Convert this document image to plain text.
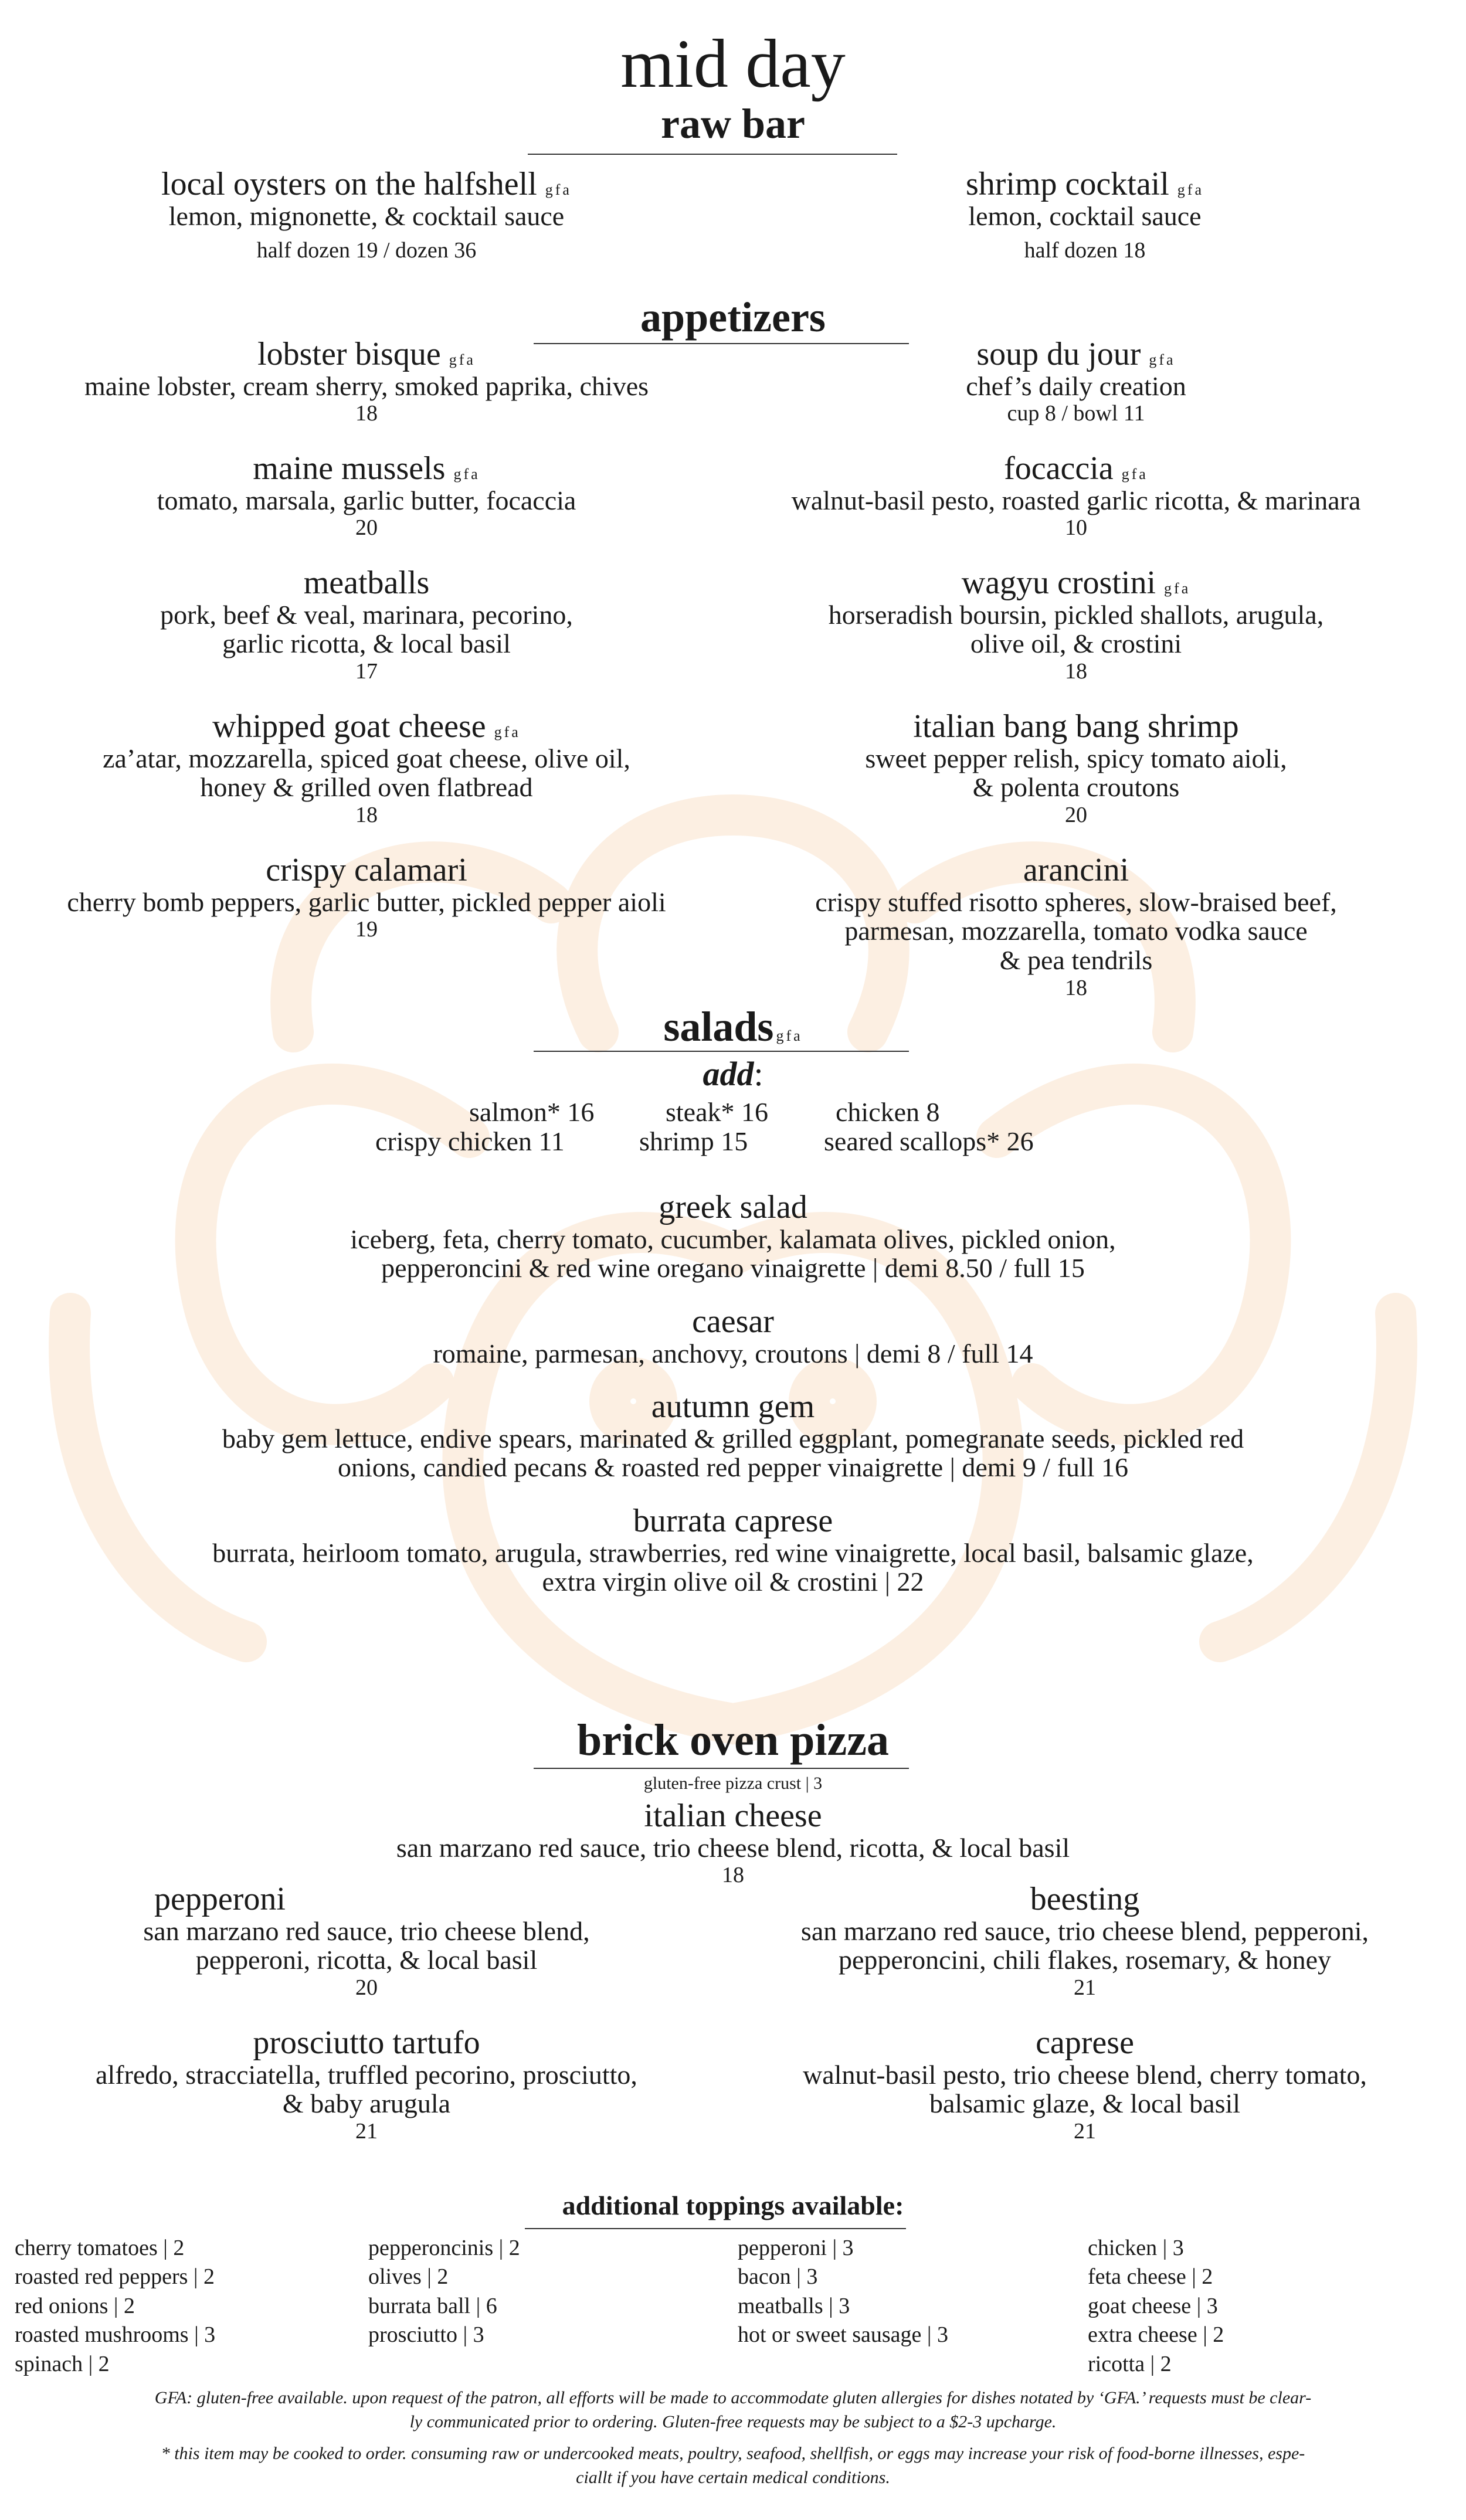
mid day
raw bar
local oysters on the halfshell gfa
lemon, mignonette, & cocktail sauce
half dozen 19 / dozen 36
shrimp cocktail gfa
lemon, cocktail sauce
half dozen 18
appetizers
lobster bisque gfa
maine lobster, cream sherry, smoked paprika, chives
18
soup du jour gfa
chef’s daily creation
cup 8 / bowl 11
maine mussels gfa
tomato, marsala, garlic butter, focaccia
20
focaccia gfa
walnut-basil pesto, roasted garlic ricotta, & marinara
10
meatballs
pork, beef & veal, marinara, pecorino,
garlic ricotta, & local basil
17
wagyu crostini gfa
horseradish boursin, pickled shallots, arugula,
olive oil, & crostini
18
whipped goat cheese gfa
za’atar, mozzarella, spiced goat cheese, olive oil,
honey & grilled oven flatbread
18
italian bang bang shrimp
sweet pepper relish, spicy tomato aioli,
& polenta croutons
20
crispy calamari
cherry bomb peppers, garlic butter, pickled pepper aioli
19
arancini
crispy stuffed risotto spheres, slow-braised beef,
parmesan, mozzarella, tomato vodka sauce
& pea tendrils
18
salads gfa
add:
salmon* 16	steak* 16 chicken 8
crispy chicken 11	shrimp 15	seared scallops* 26
greek salad
iceberg, feta, cherry tomato, cucumber, kalamata olives, pickled onion,
pepperoncini & red wine oregano vinaigrette | demi 8.50 / full 15
caesar
romaine, parmesan, anchovy, croutons | demi 8 / full 14
autumn gem
baby gem lettuce, endive spears, marinated & grilled eggplant, pomegranate seeds, pickled red
onions, candied pecans & roasted red pepper vinaigrette | demi 9 / full 16
burrata caprese
burrata, heirloom tomato, arugula, strawberries, red wine vinaigrette, local basil, balsamic glaze,
extra virgin olive oil & crostini | 22
brick oven pizza
gluten-free pizza crust | 3
italian cheese
san marzano red sauce, trio cheese blend, ricotta, & local basil
18
pepperoni
san marzano red sauce, trio cheese blend,
pepperoni, ricotta, & local basil
20
beesting
san marzano red sauce, trio cheese blend, pepperoni,
pepperoncini, chili flakes, rosemary, & honey
21
prosciutto tartufo
alfredo, stracciatella, truffled pecorino, prosciutto,
& baby arugula
21
caprese
walnut-basil pesto, trio cheese blend, cherry tomato,
balsamic glaze, & local basil
21
additional toppings available:
cherry tomatoes | 2
roasted red peppers | 2
red onions | 2
roasted mushrooms | 3
spinach | 2
pepperoncinis | 2
olives | 2
burrata ball | 6
prosciutto | 3
pepperoni | 3
bacon | 3
meatballs | 3
hot or sweet sausage | 3
chicken | 3
feta cheese | 2
goat cheese | 3
extra cheese | 2
ricotta | 2
GFA: gluten-free available. upon request of the patron, all efforts will be made to accommodate gluten allergies for dishes notated by ‘GFA.’ requests must be clear-
ly communicated prior to ordering. Gluten-free requests may be subject to a $2-3 upcharge.
* this item may be cooked to order. consuming raw or undercooked meats, poultry, seafood, shellfish, or eggs may increase your risk of food-borne illnesses, espe-
ciallt if you have certain medical conditions.
